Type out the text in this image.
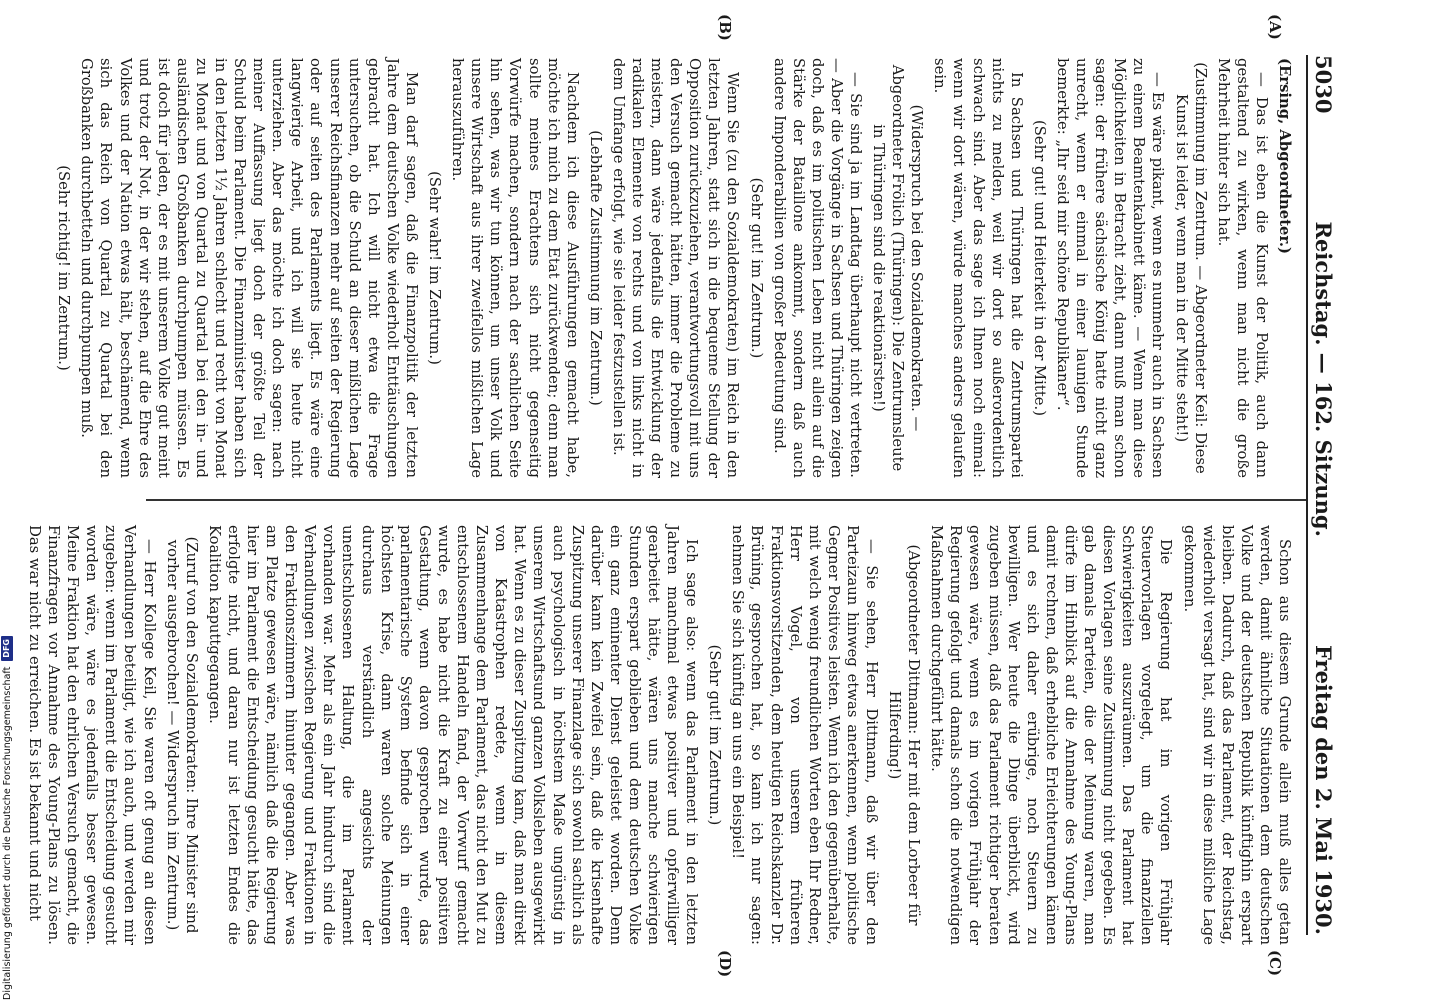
5030
Reichstag. — 162. Sitzung.
Freitag den 2. Mai 1930.
(A)
(B)
(C)
(D)

(Ersing, Abgeordneter.)

— Das ist eben die Kunst der Politik, auch dann gestaltend zu wirken, wenn man nicht die große Mehrheit hinter sich hat.

(Zustimmung im Zentrum. — Abgeordneter Keil: Diese Kunst ist leider, wenn man in der Mitte steht!)

— Es wäre pikant, wenn es nunmehr auch in Sachsen zu einem Beamtenkabinett käme. — Wenn man diese Möglichkeiten in Betracht zieht, dann muß man schon sagen: der frühere sächsische König hatte nicht ganz unrecht, wenn er einmal in einer launigen Stunde bemerkte: „Ihr seid mir schöne Republikaner“.

(Sehr gut! und Heiterkeit in der Mitte.)

In Sachsen und Thüringen hat die Zentrumspartei nichts zu melden, weil wir dort so außerordentlich schwach sind. Aber das sage ich Ihnen noch einmal: wenn wir dort wären, würde manches anders gelaufen sein.

(Widerspruch bei den Sozialdemokraten. — Abgeordneter Frölich (Thüringen): Die Zentrumsleute in Thüringen sind die reaktionärsten!)

— Sie sind ja im Landtag überhaupt nicht vertreten. — Aber die Vorgänge in Sachsen und Thüringen zeigen doch, daß es im politischen Leben nicht allein auf die Stärke der Bataillone ankommt, sondern daß auch andere Imponderabilien von großer Bedeutung sind.

(Sehr gut! im Zentrum.)

Wenn Sie (zu den Sozialdemokraten) im Reich in den letzten Jahren, statt sich in die bequeme Stellung der Opposition zurückzuziehen, verantwortungsvoll mit uns den Versuch gemacht hätten, immer die Probleme zu meistern, dann wäre jedenfalls die Entwicklung der radikalen Elemente von rechts und von links nicht in dem Umfange erfolgt, wie sie leider festzustellen ist.

(Lebhafte Zustimmung im Zentrum.)

Nachdem ich diese Ausführungen gemacht habe, möchte ich mich zu dem Etat zurückwenden; denn man sollte meines Erachtens sich nicht gegenseitig Vorwürfe machen, sondern nach der sachlichen Seite hin sehen, was wir tun können, um unser Volk und unsere Wirtschaft aus ihrer zweifellos mißlichen Lage herauszuführen.

(Sehr wahr! im Zentrum.)

Man darf sagen, daß die Finanzpolitik der letzten Jahre dem deutschen Volke wiederholt Enttäuschungen gebracht hat. Ich will nicht etwa die Frage untersuchen, ob die Schuld an dieser mißlichen Lage unserer Reichsfinanzen mehr auf seiten der Regierung oder auf seiten des Parlaments liegt. Es wäre eine langwierige Arbeit, und ich will sie heute nicht unterziehen. Aber das möchte ich doch sagen: nach meiner Auffassung liegt doch der größte Teil der Schuld beim Parlament. Die Finanzminister haben sich in den letzten 1½ Jahren schlecht und recht von Monat zu Monat und von Quartal zu Quartal bei den in- und ausländischen Großbanken durchpumpen müssen. Es ist doch für jeden, der es mit unserem Volke gut meint und trotz der Not, in der wir stehen, auf die Ehre des Volkes und der Nation etwas hält, beschämend, wenn sich das Reich von Quartal zu Quartal bei den Großbanken durchbetteln und durchpumpen muß.

(Sehr richtig! im Zentrum.)

Schon aus diesem Grunde allein muß alles getan werden, damit ähnliche Situationen dem deutschen Volke und der deutschen Republik künftighin erspart bleiben. Dadurch, daß das Parlament, der Reichstag, wiederholt versagt hat, sind wir in diese mißliche Lage gekommen.

Die Regierung hat im vorigen Frühjahr Steuervorlagen vorgelegt, um die finanziellen Schwierigkeiten auszuräumen. Das Parlament hat diesen Vorlagen seine Zustimmung nicht gegeben. Es gab damals Parteien, die der Meinung waren, man dürfe im Hinblick auf die Annahme des Young-Plans damit rechnen, daß erhebliche Erleichterungen kämen und es sich daher erübrige, noch Steuern zu bewilligen. Wer heute die Dinge überblickt, wird zugeben müssen, daß das Parlament richtiger beraten gewesen wäre, wenn es im vorigen Frühjahr der Regierung gefolgt und damals schon die notwendigen Maßnahmen durchgeführt hätte.

(Abgeordneter Dittmann: Her mit dem Lorbeer für Hilferding!)

— Sie sehen, Herr Dittmann, daß wir über den Parteizaun hinweg etwas anerkennen, wenn politische Gegner Positives leisten. Wenn ich den gegenüberhalte, mit welch wenig freundlichen Worten eben Ihr Redner, Herr Vogel, von unserem früheren Fraktionsvorsitzenden, dem heutigen Reichskanzler Dr. Brüning, gesprochen hat, so kann ich nur sagen: nehmen Sie sich künftig an uns ein Beispiel!

(Sehr gut! im Zentrum.)

Ich sage also: wenn das Parlament in den letzten Jahren manchmal etwas positiver und opferwilliger gearbeitet hätte, wären uns manche schwierigen Stunden erspart geblieben und dem deutschen Volke ein ganz eminenter Dienst geleistet worden. Denn darüber kann kein Zweifel sein, daß die krisenhafte Zuspitzung unserer Finanzlage sich sowohl sachlich als auch psychologisch in höchstem Maße ungünstig in unserem Wirtschaftsund ganzen Volksleben ausgewirkt hat. Wenn es zu dieser Zuspitzung kam, daß man direkt von Katastrophen redete, wenn in diesem Zusammenhange dem Parlament, das nicht den Mut zu entschlossenem Handeln fand, der Vorwurf gemacht wurde, es habe nicht die Kraft zu einer positiven Gestaltung, wenn davon gesprochen wurde, das parlamentarische System befinde sich in einer höchsten Krise, dann waren solche Meinungen durchaus verständlich angesichts der unentschlossenen Haltung, die im Parlament vorhanden war. Mehr als ein Jahr hindurch sind die Verhandlungen zwischen Regierung und Fraktionen in den Fraktionszimmern hinunter gegangen. Aber was am Platze gewesen wäre, nämlich daß die Regierung hier im Parlament die Entscheidung gesucht hätte, das erfolgte nicht, und daran nur ist letzten Endes die Koalition kaputtgegangen.

(Zuruf von den Sozialdemokraten: Ihre Minister sind vorher ausgebrochen! — Widerspruch im Zentrum.)

— Herr Kollege Keil, Sie waren oft genug an diesen Verhandlungen beteiligt, wie ich auch, und werden mir zugeben: wenn im Parlament die Entscheidung gesucht worden wäre, wäre es jedenfalls besser gewesen. Meine Fraktion hat den ehrlichen Versuch gemacht, die Finanzfragen vor Annahme des Young-Plans zu lösen. Das war nicht zu erreichen. Es ist bekannt und nicht

Digitalisierung gefördert durch die Deutsche Forschungsgemeinschaft
DFG
